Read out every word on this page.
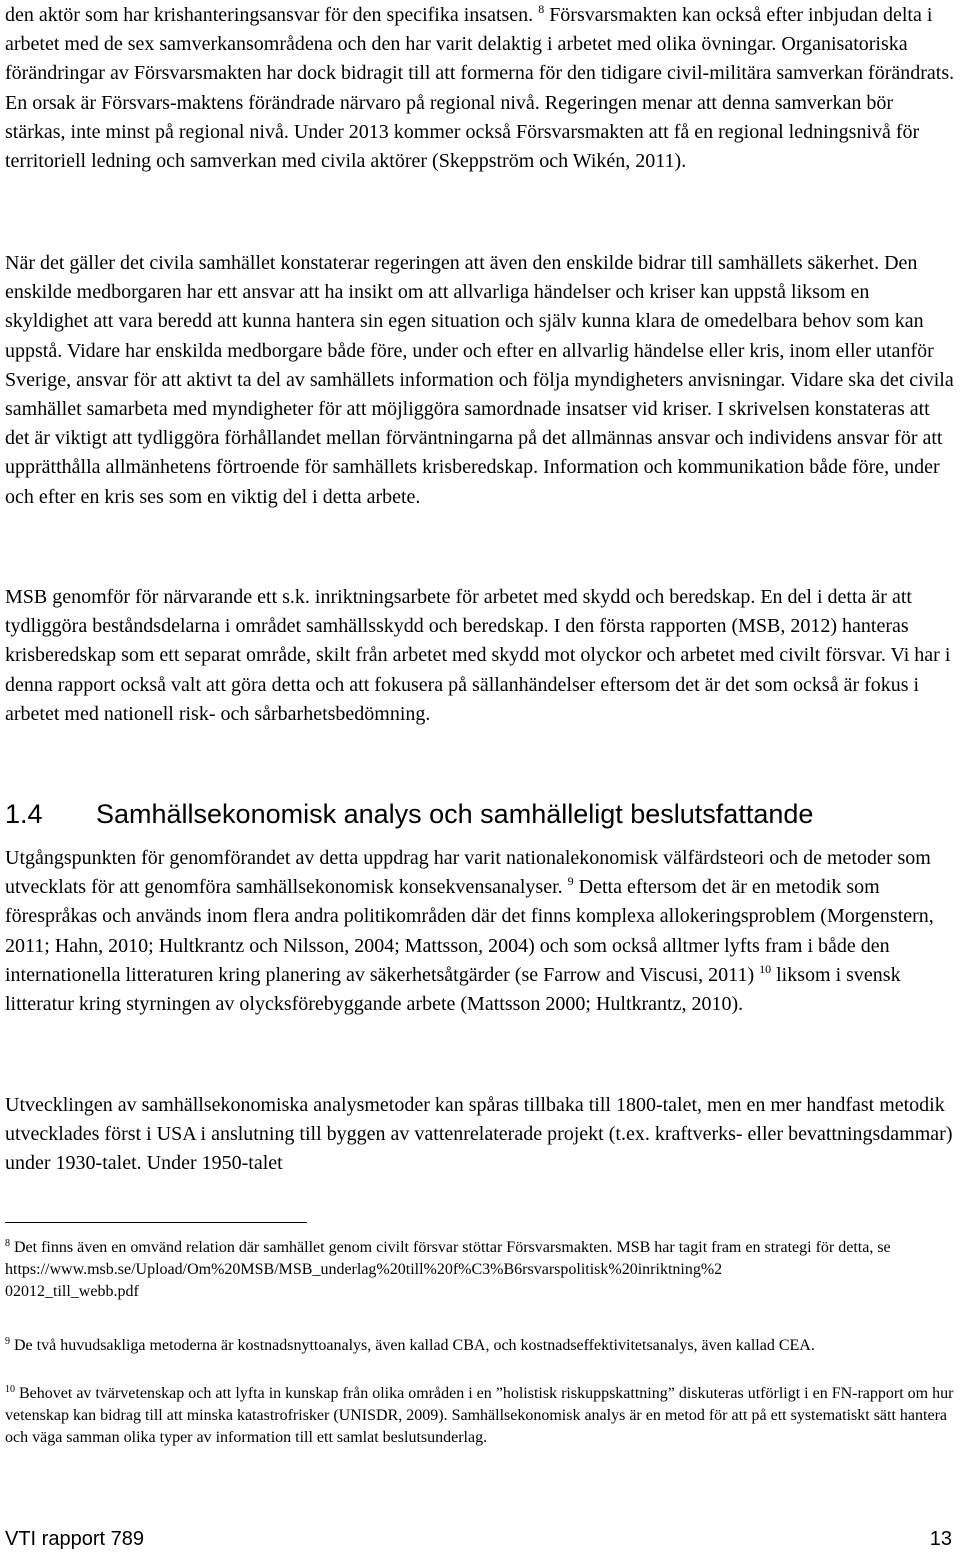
den aktör som har krishanteringsansvar för den specifika insatsen. $^8$ Försvarsmakten kan också efter inbjudan delta i arbetet med de sex samverkansområdena och den har varit delaktig i arbetet med olika övningar. Organisatoriska förändringar av Försvarsmakten har dock bidragit till att formerna för den tidigare civil-militära samverkan förändrats. En orsak är Försvars-maktens förändrade närvaro på regional nivå. Regeringen menar att denna samverkan bör stärkas, inte minst på regional nivå. Under 2013 kommer också Försvarsmakten att få en regional ledningsnivå för territoriell ledning och samverkan med civila aktörer (Skeppström och Wikén, 2011).

När det gäller det civila samhället konstaterar regeringen att även den enskilde bidrar till samhällets säkerhet. Den enskilde medborgaren har ett ansvar att ha insikt om att allvarliga händelser och kriser kan uppstå liksom en skyldighet att vara beredd att kunna hantera sin egen situation och själv kunna klara de omedelbara behov som kan uppstå. Vidare har enskilda medborgare både före, under och efter en allvarlig händelse eller kris, inom eller utanför Sverige, ansvar för att aktivt ta del av samhällets information och följa myndigheters anvisningar. Vidare ska det civila samhället samarbeta med myndigheter för att möjliggöra samordnade insatser vid kriser. I skrivelsen konstateras att det är viktigt att tydliggöra förhållandet mellan förväntningarna på det allmännas ansvar och individens ansvar för att upprätthålla allmänhetens förtroende för samhällets krisberedskap. Information och kommunikation både före, under och efter en kris ses som en viktig del i detta arbete.

MSB genomför för närvarande ett s.k. inriktningsarbete för arbetet med skydd och beredskap. En del i detta är att tydliggöra beståndsdelarna i området samhällsskydd och beredskap. I den första rapporten (MSB, 2012) hanteras krisberedskap som ett separat område, skilt från arbetet med skydd mot olyckor och arbetet med civilt försvar. Vi har i denna rapport också valt att göra detta och att fokusera på sällanhändelser eftersom det är det som också är fokus i arbetet med nationell risk- och sårbarhetsbedömning.

1.4 Samhällsekonomisk analys och samhälleligt beslutsfattande

Utgångspunkten för genomförandet av detta uppdrag har varit nationalekonomisk välfärdsteori och de metoder som utvecklats för att genomföra samhällsekonomisk konsekvensanalyser. $^9$ Detta eftersom det är en metodik som förespråkas och används inom flera andra politikområden där det finns komplexa allokeringsproblem (Morgenstern, 2011; Hahn, 2010; Hultkrantz och Nilsson, 2004; Mattsson, 2004) och som också alltmer lyfts fram i både den internationella litteraturen kring planering av säkerhetsåtgärder (se Farrow and Viscusi, 2011) $^{10}$ liksom i svensk litteratur kring styrningen av olycksförebyggande arbete (Mattsson 2000; Hultkrantz, 2010).

Utvecklingen av samhällsekonomiska analysmetoder kan spåras tillbaka till 1800-talet, men en mer handfast metodik utvecklades först i USA i anslutning till byggen av vattenrelaterade projekt (t.ex. kraftverks- eller bevattningsdammar) under 1930-talet. Under 1950-talet

$^8$ Det finns även en omvänd relation där samhället genom civilt försvar stöttar Försvarsmakten. MSB har tagit fram en strategi för detta, se
https://www.msb.se/Upload/Om%20MSB/MSB_underlag%20till%20f%C3%B6rsvarspolitisk%20inriktning%2
02012_till_webb.pdf

$^9$ De två huvudsakliga metoderna är kostnadsnyttoanalys, även kallad CBA, och kostnadseffektivitetsanalys, även kallad CEA.

$^{10}$ Behovet av tvärvetenskap och att lyfta in kunskap från olika områden i en ”holistisk riskuppskattning” diskuteras utförligt i en FN-rapport om hur vetenskap kan bidrag till att minska katastrofrisker (UNISDR, 2009). Samhällsekonomisk analys är en metod för att på ett systematiskt sätt hantera och väga samman olika typer av information till ett samlat beslutsunderlag.

VTI rapport 789	13
